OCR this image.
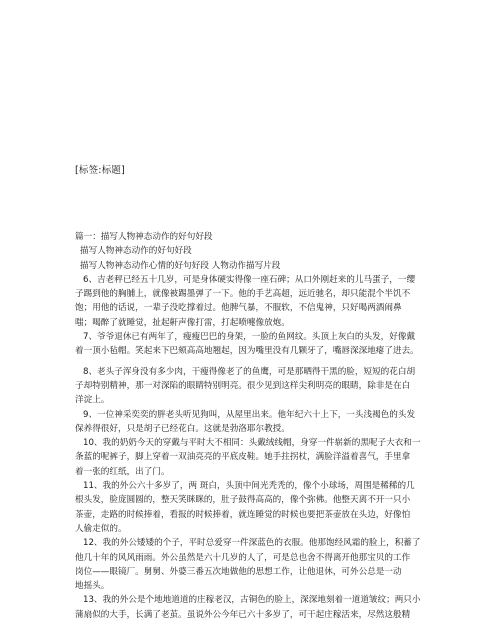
[标签:标题]
篇一：描写人物神态动作的好句好段
描写人物神态动作的好句好段
描写人物神态动作心情的好句好段 人物动作描写片段
6、吉老秤已经五十几岁，可是身体硬实得像一座石碑；从口外刚赶来的儿马蛋子，一缨
子踢到他的胸脯上，就像被踢墨弹了一下。他的手艺高超，远近驰名，却只能混个半饥不
饱；用他的话说，一辈子没吃撑着过。他脾气暴，不服软，不信鬼神，只好喝两酒闹鼻
嗤；喝醉了就睡觉，扯起鼾声像打雷，打起喷嚏像放炮。
7、爷爷退休已有两年了，瘦瘦巴巴的身架，一脸的鱼网纹。头顶上灰白的头发，好像戴
着一顶小毡帽。笑起来下巴颏高高地翘起，因为嘴里没有几颗牙了，嘴唇深深地瘪了进去。
8、老头子浑身没有多少肉，干瘦得像老了的鱼鹰，可是那晒得干黑的脸，短短的花白胡
子却特别精神，那一对深陷的眼睛特别明亮。很少见到这样尖利明亮的眼睛，除非是在白
洋淀上。
9、一位神采奕奕的胖老头听见狗叫，从屋里出来。他年纪六十上下，一头浅褐色的头发
保养得很好，只是胡子已经花白。这就是勃洛耶尔教授。
10、我的奶奶今天的穿戴与平时大不相同：头戴绒线帽，身穿一件崭新的黑呢子大衣和一
条蓝的呢裤子，脚上穿着一双油亮亮的平底皮鞋。她手拄拐杖，满脸洋溢着喜气，手里拿
着一张的红纸，出了门。
11、我的外公六十多岁了，两 斑白，头顶中间光秃秃的，像个小球场，周围是稀稀的几
根头发，脸庞圆圆的，整天笑眯眯的，肚子鼓得高高的，像个弥佛。他整天离不开一只小
茶壶，走路的时候捧着，看报的时候捧着，就连睡觉的时候也要把茶壶放在头边，好像怕
人偷走似的。
12、我的外公矮矮的个子，平时总爱穿一件深蓝色的衣服。他那饱经风霜的脸上，积蓄了
他几十年的风风雨雨。外公虽然是六十几岁的人了，可是总也舍不得离开他那宝贝的工作
岗位——眼镜厂。舅舅、外婆三番五次地做他的思想工作，让他退休，可外公总是一动
地摇头。
13、我的外公是个地地道道的庄稼老汉，古铜色的脸上，深深地刻着一道道皱纹；两只小
蒲扇似的大手，长满了老茧。虽说外公今年已六十多岁了，可干起庄稼活来，尽然这般精
